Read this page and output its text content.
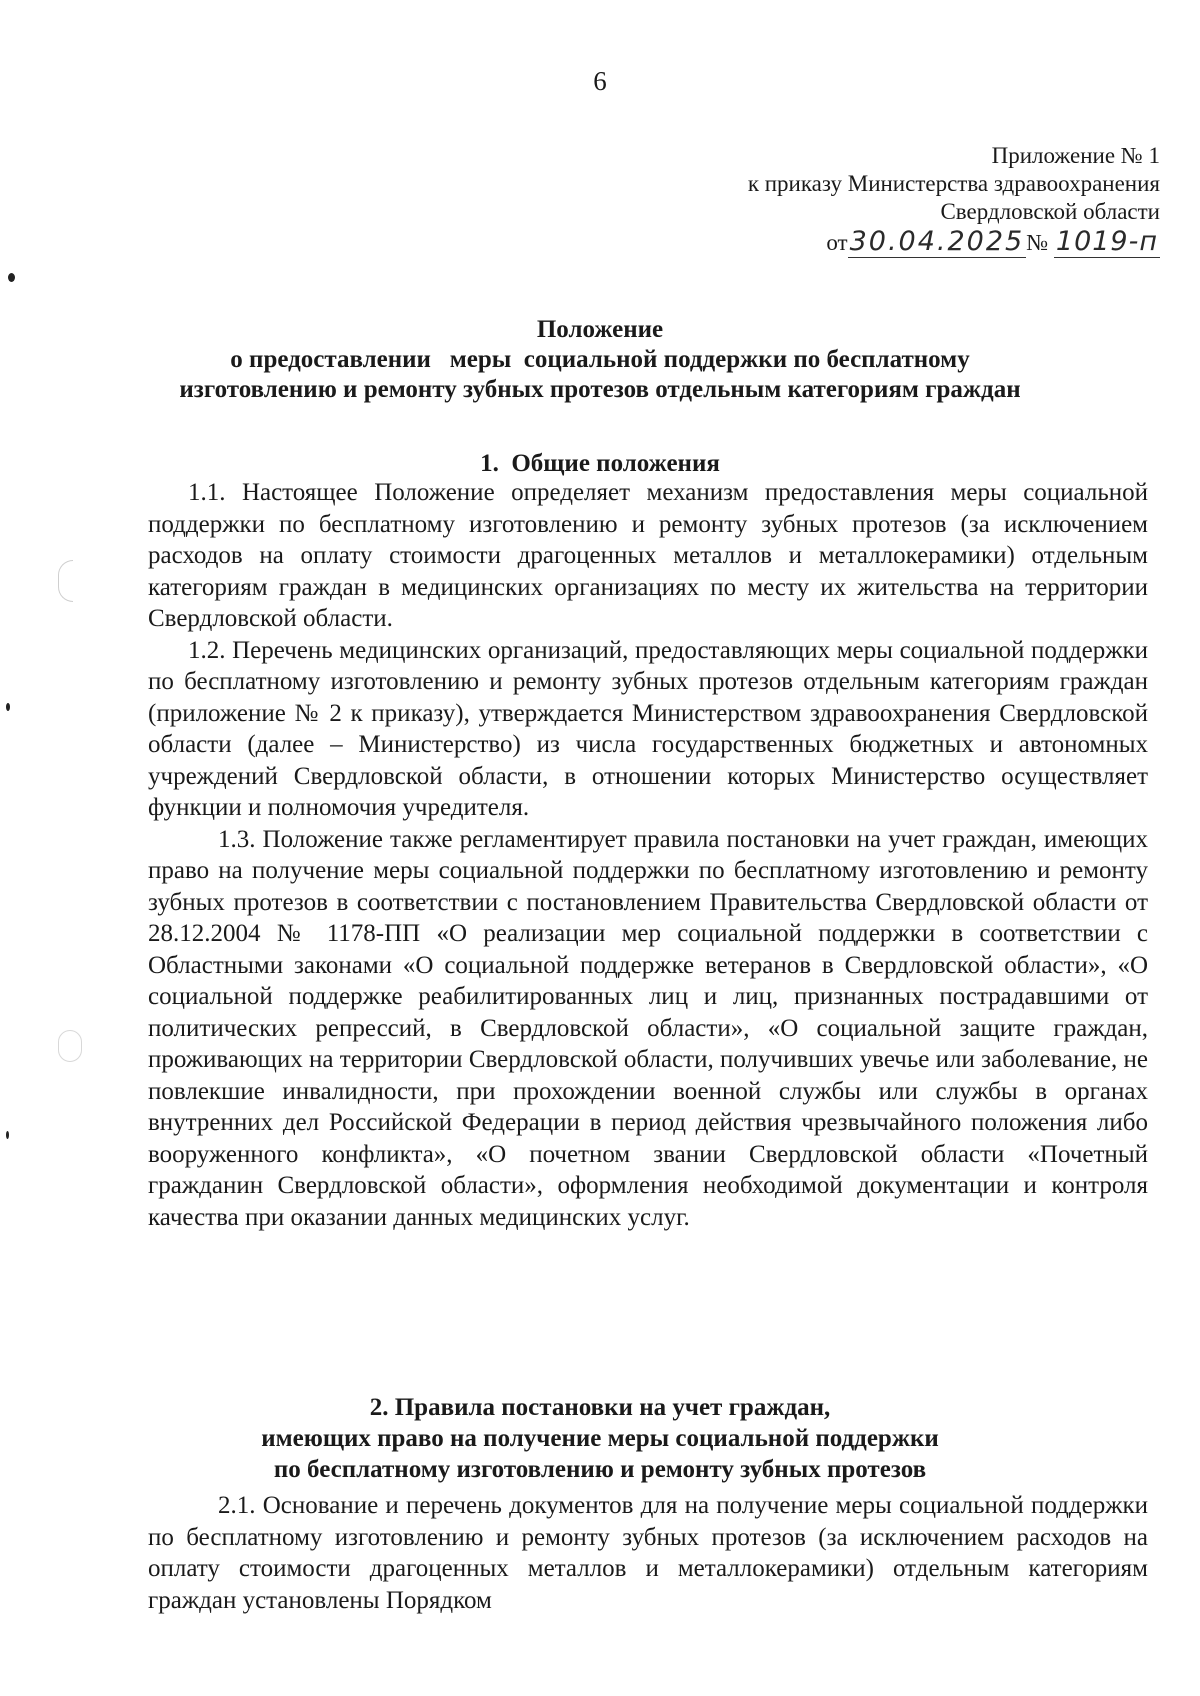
6
Приложение № 1
к приказу Министерства здравоохранения
Свердловской области
от30.04.2025№ 1019-п
Положение
о предоставлении   меры  социальной поддержки по бесплатному
изготовлению и ремонту зубных протезов отдельным категориям граждан
1.  Общие положения

1.1. Настоящее Положение определяет механизм предоставления меры социальной поддержки по бесплатному изготовлению и ремонту зубных протезов (за исключением расходов на оплату стоимости драгоценных металлов и металлокерамики) отдельным категориям граждан в медицинских организациях по месту их жительства на территории Свердловской области.

1.2. Перечень медицинских организаций, предоставляющих меры социальной поддержки по бесплатному изготовлению и ремонту зубных протезов отдельным категориям граждан (приложение № 2 к приказу), утверждается Министерством здравоохранения Свердловской области (далее – Министерство) из числа государственных бюджетных и автономных учреждений Свердловской области, в отношении которых Министерство осуществляет функции и полномочия учредителя.

1.3. Положение также регламентирует правила постановки на учет граждан, имеющих право на получение меры социальной поддержки по бесплатному изготовлению и ремонту зубных протезов в соответствии с постановлением Правительства Свердловской области от 28.12.2004 № 1178-ПП «О реализации мер социальной поддержки в соответствии с Областными законами «О социальной поддержке ветеранов в Свердловской области», «О социальной поддержке реабилитированных лиц и лиц, признанных пострадавшими от политических репрессий, в Свердловской области», «О социальной защите граждан, проживающих на территории Свердловской области, получивших увечье или заболевание, не повлекшие инвалидности, при прохождении военной службы или службы в органах внутренних дел Российской Федерации в период действия чрезвычайного положения либо вооруженного конфликта», «О почетном звании Свердловской области «Почетный гражданин Свердловской области», оформления необходимой документации и контроля качества при оказании данных медицинских услуг.

2. Правила постановки на учет граждан,
имеющих право на получение меры социальной поддержки
по бесплатному изготовлению и ремонту зубных протезов

2.1. Основание и перечень документов для на получение меры социальной поддержки по бесплатному изготовлению и ремонту зубных протезов (за исключением расходов на оплату стоимости драгоценных металлов и металлокерамики) отдельным категориям граждан установлены Порядком
